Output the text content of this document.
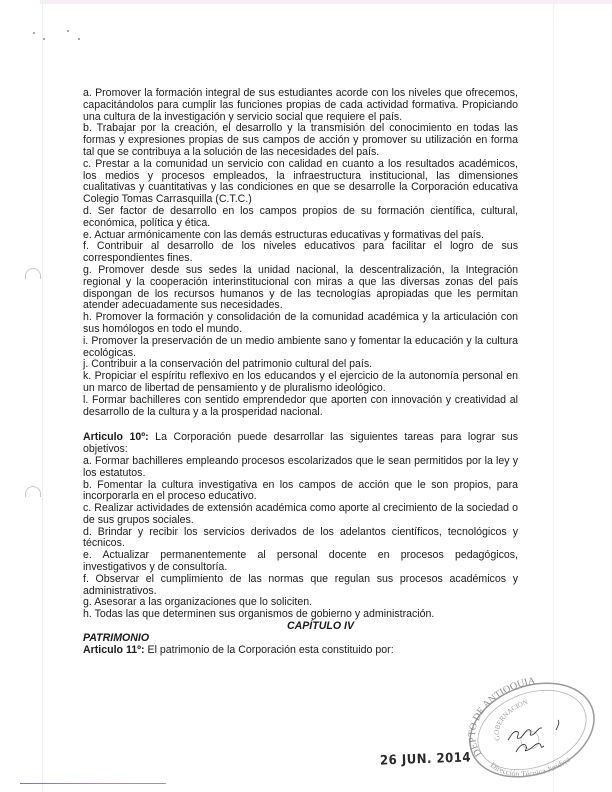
a. Promover la formación integral de sus estudiantes acorde con los niveles que ofrecemos, capacitándolos para cumplir las funciones propias de cada actividad formativa. Propiciando una cultura de la investigación y servicio social que requiere el país.

b. Trabajar por la creación, el desarrollo y la transmisión del conocimiento en todas las formas y expresiones propias de sus campos de acción y promover su utilización en forma tal que se contribuya a la solución de las necesidades del país.

c. Prestar a la comunidad un servicio con calidad en cuanto a los resultados académicos, los medios y procesos empleados, la infraestructura institucional, las dimensiones cualitativas y cuantitativas y las condiciones en que se desarrolle la Corporación educativa Colegio Tomas Carrasquilla (C.T.C.)

d. Ser factor de desarrollo en los campos propios de su formación científica, cultural, económica, política y ética.

e. Actuar armónicamente con las demás estructuras educativas y formativas del país.

f. Contribuir al desarrollo de los niveles educativos para facilitar el logro de sus correspondientes fines.

g. Promover desde sus sedes la unidad nacional, la descentralización, la Integración regional y la cooperación interinstitucional con miras a que las diversas zonas del país dispongan de los recursos humanos y de las tecnologías apropiadas que les permitan atender adecuadamente sus necesidades.

h. Promover la formación y consolidación de la comunidad académica y la articulación con sus homólogos en todo el mundo.

i. Promover la preservación de un medio ambiente sano y fomentar la educación y la cultura ecológicas.

j. Contribuir a la conservación del patrimonio cultural del país.

k. Propiciar el espíritu reflexivo en los educandos y el ejercicio de la autonomía personal en un marco de libertad de pensamiento y de pluralismo ideológico.

l. Formar bachilleres con sentido emprendedor que aporten con innovación y creatividad al desarrollo de la cultura y a la prosperidad nacional.

Articulo 10º: La Corporación puede desarrollar las siguientes tareas para lograr sus objetivos:

a. Formar bachilleres empleando procesos escolarizados que le sean permitidos por la ley y los estatutos.

b. Fomentar la cultura investigativa en los campos de acción que le son propios, para incorporarla en el proceso educativo.

c. Realizar actividades de extensión académica como aporte al crecimiento de la sociedad o de sus grupos sociales.

d. Brindar y recibir los servicios derivados de los adelantos científicos, tecnológicos y técnicos.

e. Actualizar permanentemente al personal docente en procesos pedagógicos, investigativos y de consultoría.

f. Observar el cumplimiento de las normas que regulan sus procesos académicos y administrativos.

g. Asesorar a las organizaciones que lo soliciten.

h. Todas las que determinen sus organismos de gobierno y administración.

CAPÍTULO IV

PATRIMONIO

Articulo 11º: El patrimonio de la Corporación esta constituido por:

26 JUN. 2014 DEPTO DE ANTIOQUIA
GOBERNACION
Dirección Técnica Jurídica
